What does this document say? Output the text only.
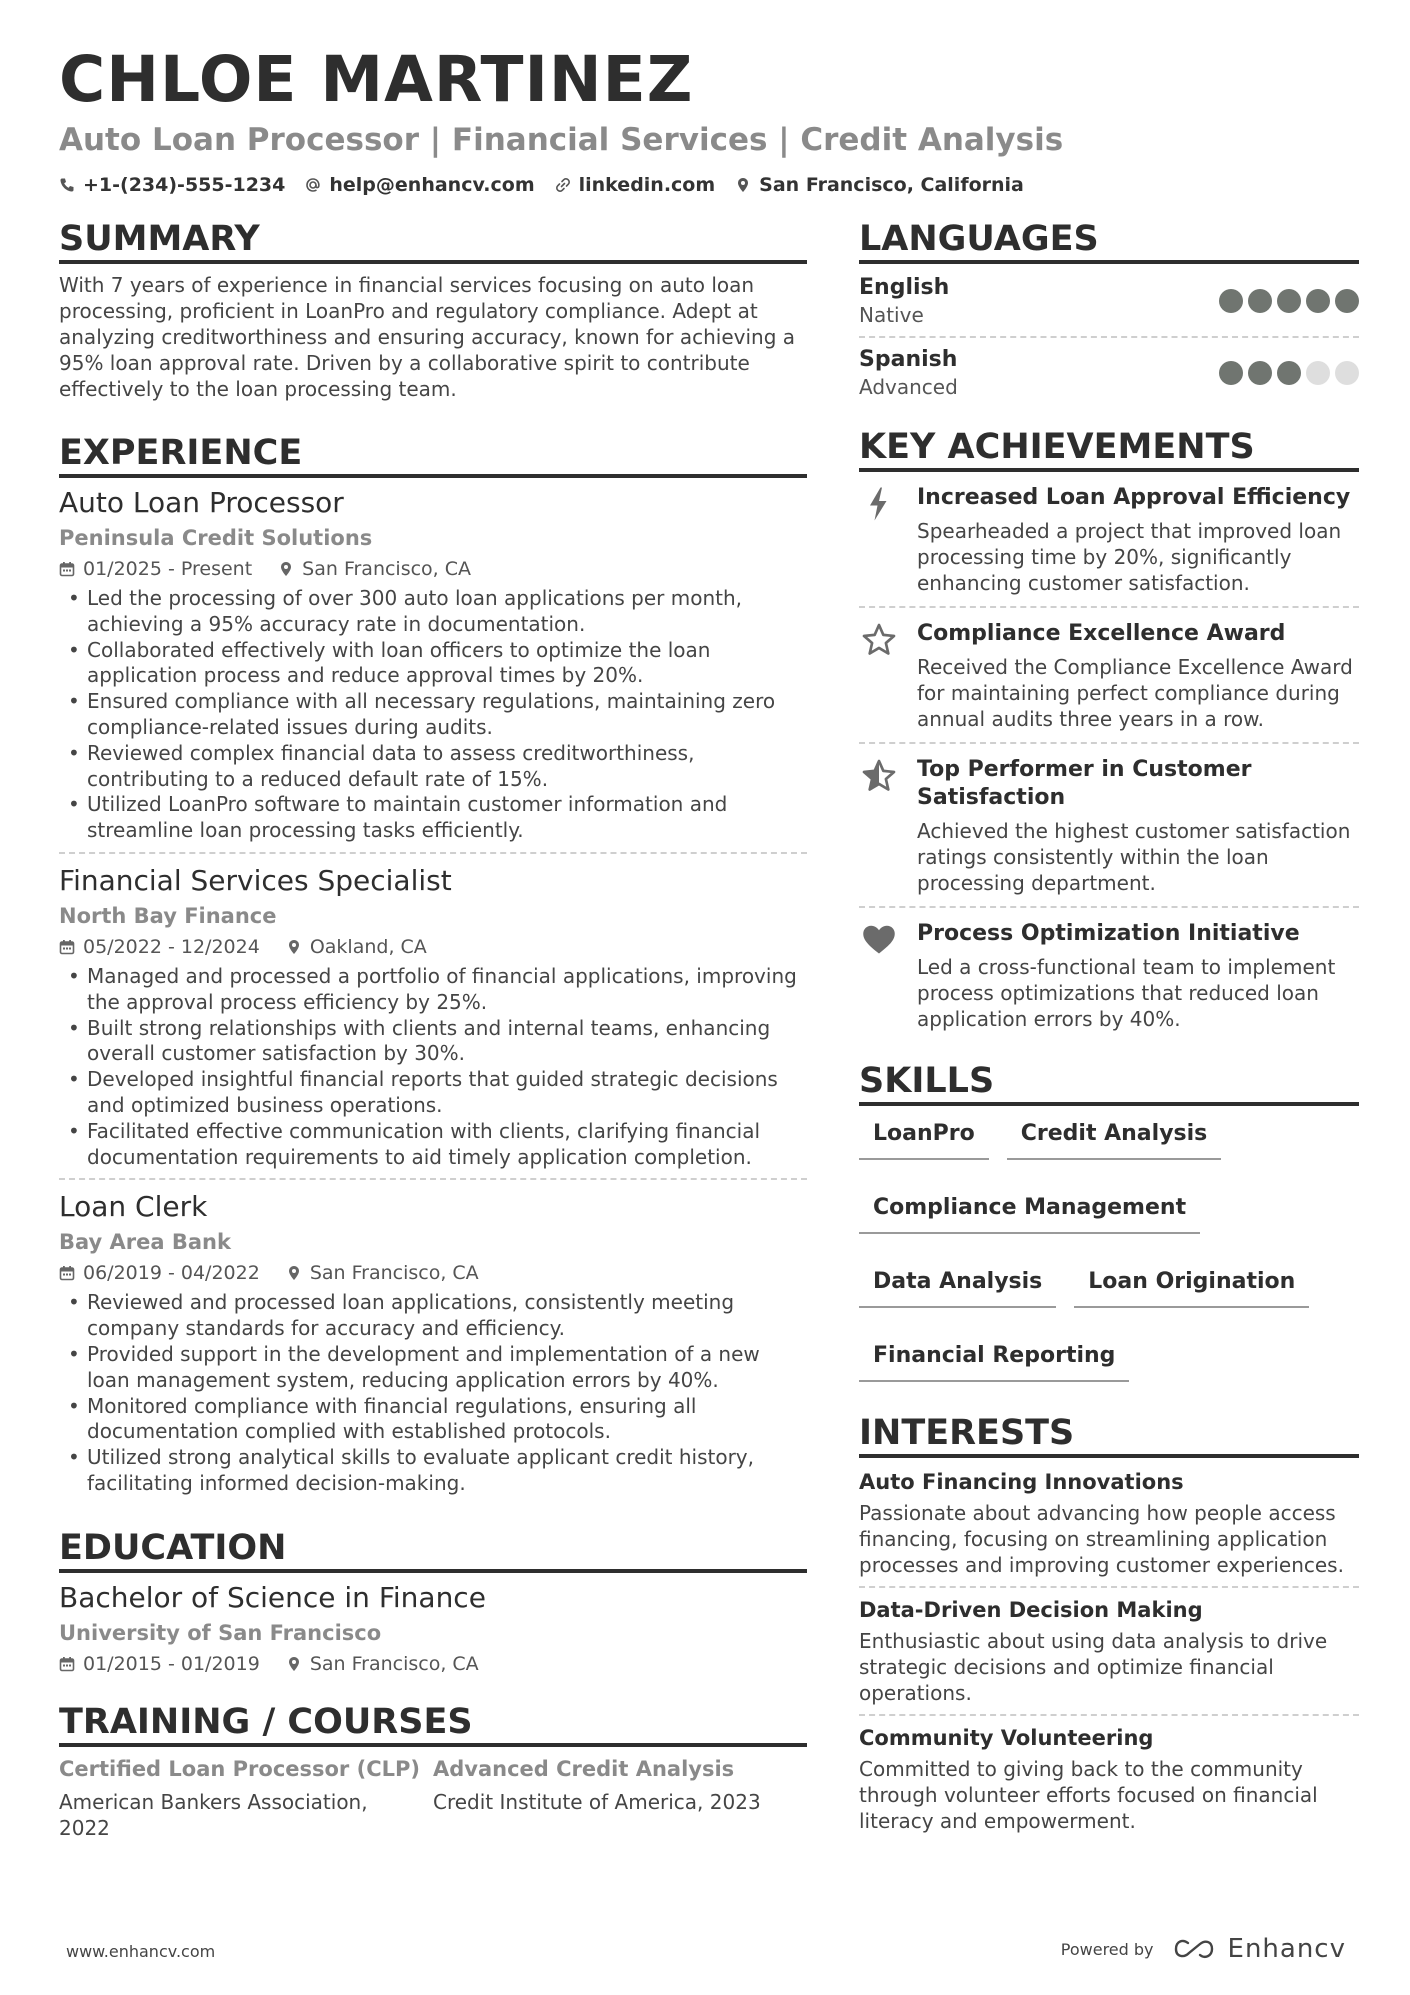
CHLOE MARTINEZ
Auto Loan Processor | Financial Services | Credit Analysis
+1-(234)-555-1234 help@enhancv.com linkedin.com San Francisco, California
SUMMARY

With 7 years of experience in financial services focusing on auto loan processing, proficient in LoanPro and regulatory compliance. Adept at analyzing creditworthiness and ensuring accuracy, known for achieving a 95% loan approval rate. Driven by a collaborative spirit to contribute effectively to the loan processing team.

EXPERIENCE
Auto Loan Processor
Peninsula Credit Solutions
01/2025 - Present	San Francisco, CA
• Led the processing of over 300 auto loan applications per month, achieving a 95% accuracy rate in documentation.
• Collaborated effectively with loan officers to optimize the loan application process and reduce approval times by 20%.
• Ensured compliance with all necessary regulations, maintaining zero compliance-related issues during audits.
• Reviewed complex financial data to assess creditworthiness, contributing to a reduced default rate of 15%.
• Utilized LoanPro software to maintain customer information and streamline loan processing tasks efficiently.
Financial Services Specialist
North Bay Finance
05/2022 - 12/2024	Oakland, CA
• Managed and processed a portfolio of financial applications, improving the approval process efficiency by 25%.
• Built strong relationships with clients and internal teams, enhancing overall customer satisfaction by 30%.
• Developed insightful financial reports that guided strategic decisions and optimized business operations.
• Facilitated effective communication with clients, clarifying financial documentation requirements to aid timely application completion.
Loan Clerk
Bay Area Bank
06/2019 - 04/2022	San Francisco, CA
• Reviewed and processed loan applications, consistently meeting company standards for accuracy and efficiency.
• Provided support in the development and implementation of a new loan management system, reducing application errors by 40%.
• Monitored compliance with financial regulations, ensuring all documentation complied with established protocols.
• Utilized strong analytical skills to evaluate applicant credit history, facilitating informed decision-making.
EDUCATION
Bachelor of Science in Finance
University of San Francisco
01/2015 - 01/2019	San Francisco, CA
TRAINING / COURSES
Certified Loan Processor (CLP)
American Bankers Association, 2022
Advanced Credit Analysis
Credit Institute of America, 2023
LANGUAGES
English
Native
Spanish
Advanced
KEY ACHIEVEMENTS
Increased Loan Approval Efficiency
Spearheaded a project that improved loan processing time by 20%, significantly enhancing customer satisfaction.
Compliance Excellence Award
Received the Compliance Excellence Award for maintaining perfect compliance during annual audits three years in a row.
Top Performer in Customer Satisfaction
Achieved the highest customer satisfaction ratings consistently within the loan processing department.
Process Optimization Initiative
Led a cross-functional team to implement process optimizations that reduced loan application errors by 40%.
SKILLS
LoanPro	Credit Analysis
Compliance Management
Data Analysis	Loan Origination
Financial Reporting
INTERESTS
Auto Financing Innovations
Passionate about advancing how people access financing, focusing on streamlining application processes and improving customer experiences.
Data-Driven Decision Making
Enthusiastic about using data analysis to drive strategic decisions and optimize financial operations.
Community Volunteering
Committed to giving back to the community through volunteer efforts focused on financial literacy and empowerment.
www.enhancv.com	Powered by	Enhancv
